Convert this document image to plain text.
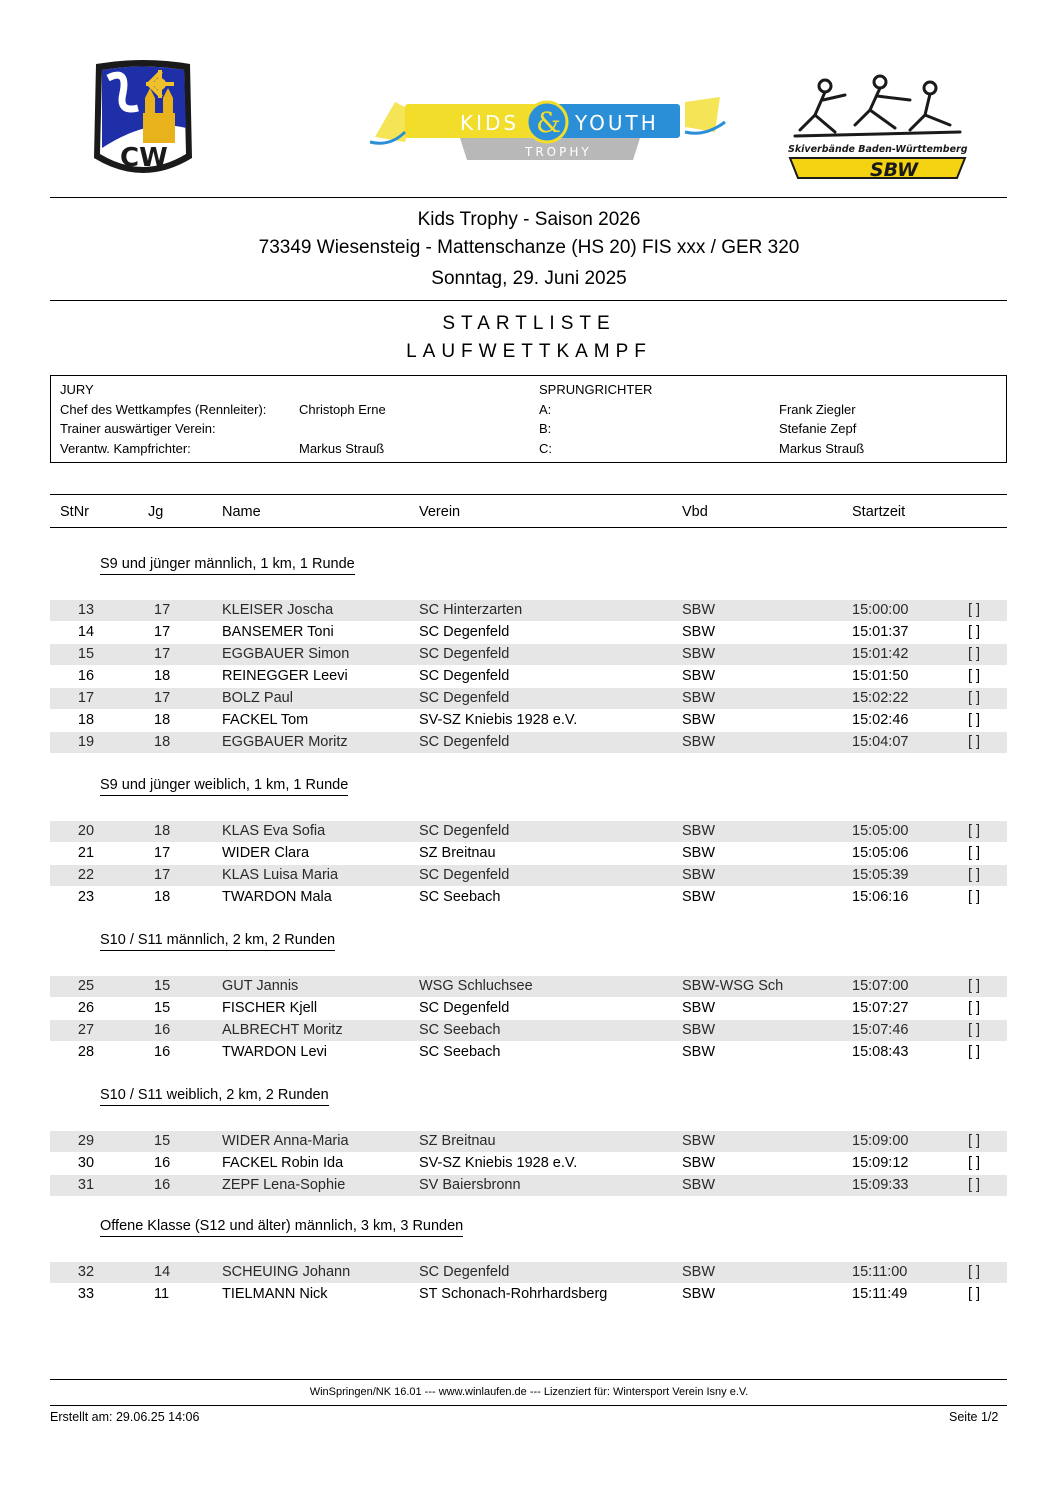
CW
KIDS & YOUTH
TROPHY	Skiverbände Baden-Württemberg
SBW
Kids Trophy - Saison 2026
73349 Wiesensteig - Mattenschanze (HS 20) FIS xxx / GER 320
Sonntag, 29. Juni 2025
STARTLISTE
LAUFWETTKAMPF
JURY
Chef des Wettkampfes (Rennleiter):	Christoph Erne
Trainer auswärtiger Verein:
Verantw. Kampfrichter:	Markus Strauß
SPRUNGRICHTER
A:	Frank Ziegler
B:	Stefanie Zepf
C:	Markus Strauß
StNr	Jg	Name	Verein	Vbd	Startzeit
S9 und jünger männlich, 1 km, 1 Runde
13	17	KLEISER Joscha	SC Hinterzarten	SBW	15:00:00	[ ]
14	17	BANSEMER Toni	SC Degenfeld	SBW	15:01:37	[ ]
15	17	EGGBAUER Simon	SC Degenfeld	SBW	15:01:42	[ ]
16	18	REINEGGER Leevi	SC Degenfeld	SBW	15:01:50	[ ]
17	17	BOLZ Paul	SC Degenfeld	SBW	15:02:22	[ ]
18	18	FACKEL Tom	SV-SZ Kniebis 1928 e.V.	SBW	15:02:46	[ ]
19	18	EGGBAUER Moritz	SC Degenfeld	SBW	15:04:07	[ ]
S9 und jünger weiblich, 1 km, 1 Runde
20	18	KLAS Eva Sofia	SC Degenfeld	SBW	15:05:00	[ ]
21	17	WIDER Clara	SZ Breitnau	SBW	15:05:06	[ ]
22	17	KLAS Luisa Maria	SC Degenfeld	SBW	15:05:39	[ ]
23	18	TWARDON Mala	SC Seebach	SBW	15:06:16	[ ]
S10 / S11 männlich, 2 km, 2 Runden
25	15	GUT Jannis	WSG Schluchsee	SBW-WSG Sch	15:07:00	[ ]
26	15	FISCHER Kjell	SC Degenfeld	SBW	15:07:27	[ ]
27	16	ALBRECHT Moritz	SC Seebach	SBW	15:07:46	[ ]
28	16	TWARDON Levi	SC Seebach	SBW	15:08:43	[ ]
S10 / S11 weiblich, 2 km, 2 Runden
29	15	WIDER Anna-Maria	SZ Breitnau	SBW	15:09:00	[ ]
30	16	FACKEL Robin Ida	SV-SZ Kniebis 1928 e.V.	SBW	15:09:12	[ ]
31	16	ZEPF Lena-Sophie	SV Baiersbronn	SBW	15:09:33	[ ]
Offene Klasse (S12 und älter) männlich, 3 km, 3 Runden
32	14	SCHEUING Johann	SC Degenfeld	SBW	15:11:00	[ ]
33	11	TIELMANN Nick	ST Schonach-Rohrhardsberg	SBW	15:11:49	[ ]
WinSpringen/NK 16.01 --- www.winlaufen.de --- Lizenziert für: Wintersport Verein Isny e.V.
Erstellt am: 29.06.25 14:06	Seite 1/2
